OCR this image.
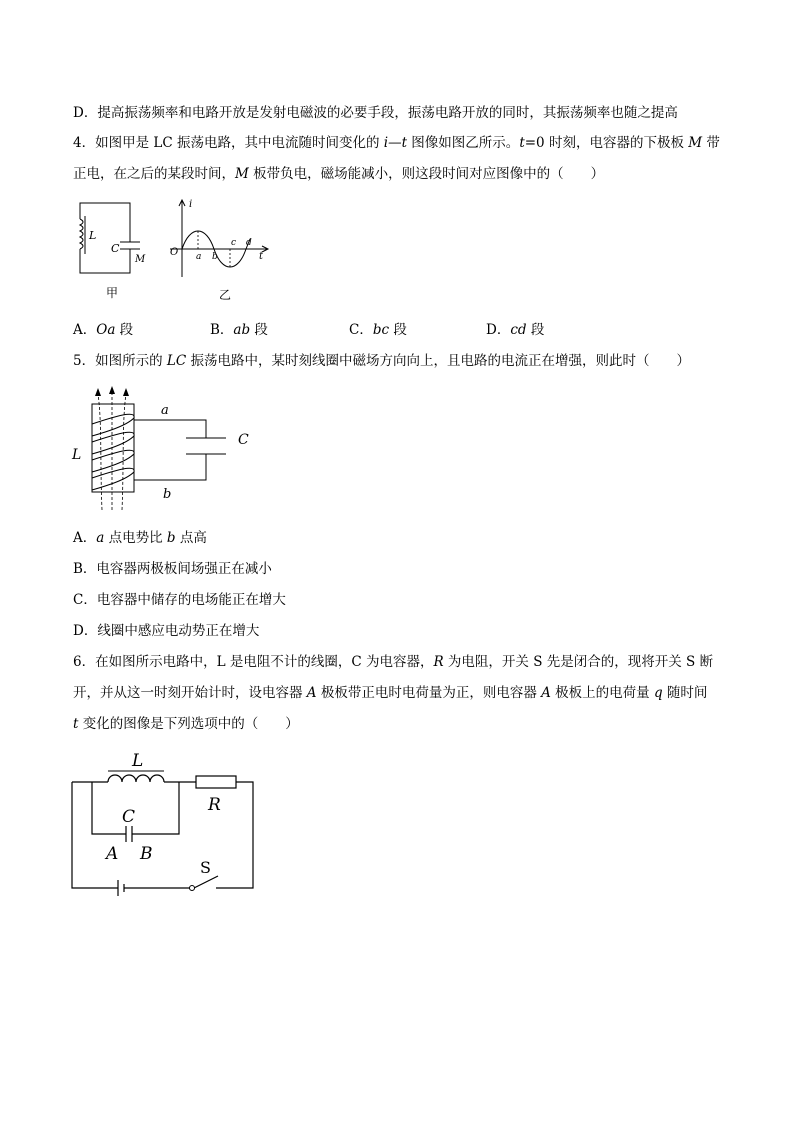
D．提高振荡频率和电路开放是发射电磁波的必要手段，振荡电路开放的同时，其振荡频率也随之提高
4．如图甲是 LC 振荡电路，其中电流随时间变化的 i—t 图像如图乙所示。t=0 时刻，电容器的下极板 M 带
正电，在之后的某段时间，M 板带负电，磁场能减小，则这段时间对应图像中的（　　）
L
C
M
甲
i
O a b
c d
t
乙
A．Oa 段	B．ab 段	C．bc 段	D．cd 段
5．如图所示的 LC 振荡电路中，某时刻线圈中磁场方向向上，且电路的电流正在增强，则此时（　　）
L
C
a
b
A．a 点电势比 b 点高
B．电容器两极板间场强正在减小
C．电容器中储存的电场能正在增大
D．线圈中感应电动势正在增大
6．在如图所示电路中，L 是电阻不计的线圈，C 为电容器，R 为电阻，开关 S 先是闭合的，现将开关 S 断
开，并从这一时刻开始计时，设电容器 A 极板带正电时电荷量为正，则电容器 A 极板上的电荷量 q 随时间
t 变化的图像是下列选项中的（　　）
L
R
C
A B
S
